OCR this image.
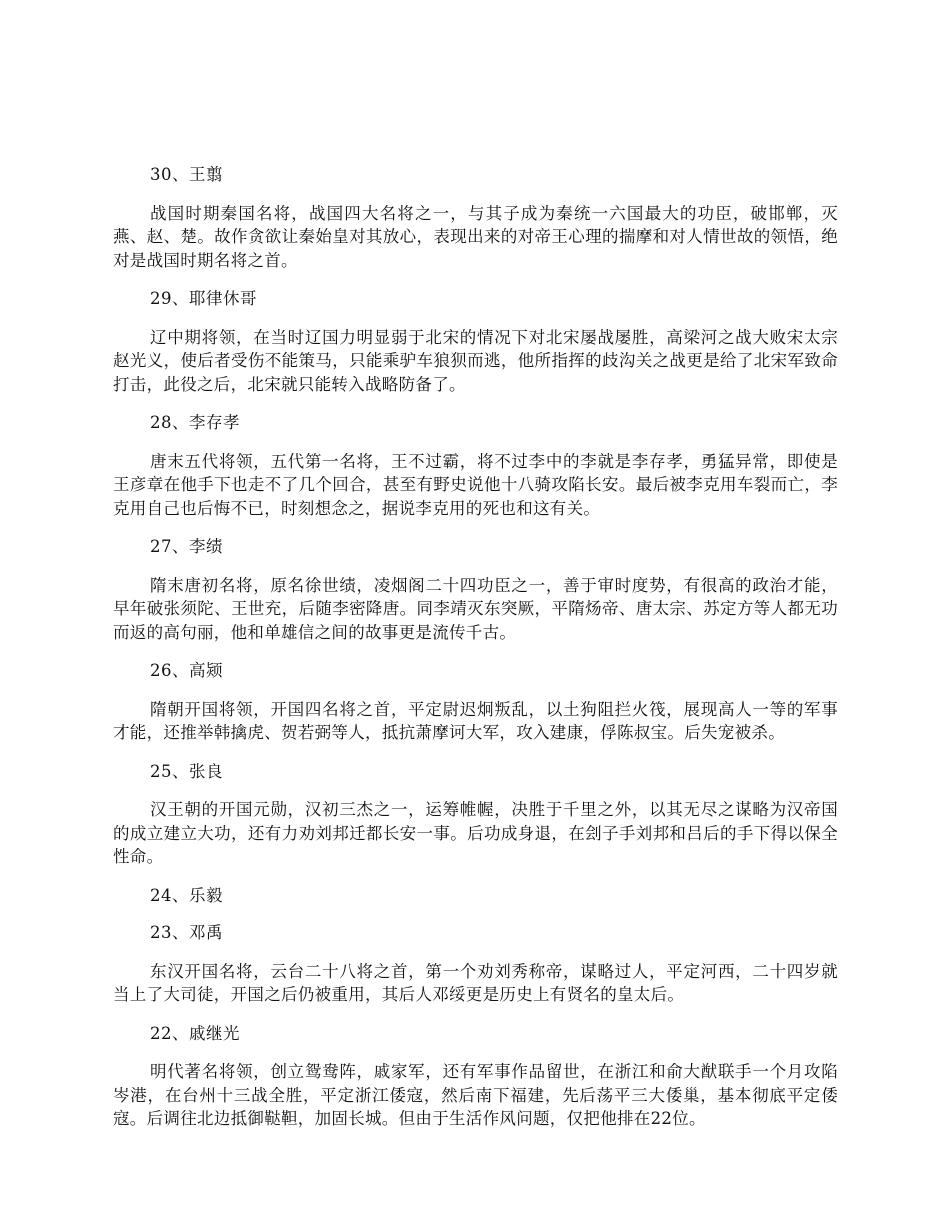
30、王翦

战国时期秦国名将，战国四大名将之一，与其子成为秦统一六国最大的功臣，破邯郸，灭燕、赵、楚。故作贪欲让秦始皇对其放心，表现出来的对帝王心理的揣摩和对人情世故的领悟，绝对是战国时期名将之首。

29、耶律休哥

辽中期将领，在当时辽国力明显弱于北宋的情况下对北宋屡战屡胜，高梁河之战大败宋太宗赵光义，使后者受伤不能策马，只能乘驴车狼狈而逃，他所指挥的歧沟关之战更是给了北宋军致命打击，此役之后，北宋就只能转入战略防备了。

28、李存孝

唐末五代将领，五代第一名将，王不过霸，将不过李中的李就是李存孝，勇猛异常，即使是王彦章在他手下也走不了几个回合，甚至有野史说他十八骑攻陷长安。最后被李克用车裂而亡，李克用自己也后悔不已，时刻想念之，据说李克用的死也和这有关。

27、李绩

隋末唐初名将，原名徐世绩，凌烟阁二十四功臣之一，善于审时度势，有很高的政治才能，早年破张须陀、王世充，后随李密降唐。同李靖灭东突厥，平隋炀帝、唐太宗、苏定方等人都无功而返的高句丽，他和单雄信之间的故事更是流传千古。

26、高颎

隋朝开国将领，开国四名将之首，平定尉迟炯叛乱，以土狗阻拦火筏，展现高人一等的军事才能，还推举韩擒虎、贺若弼等人，抵抗萧摩诃大军，攻入建康，俘陈叔宝。后失宠被杀。

25、张良

汉王朝的开国元勋，汉初三杰之一，运筹帷幄，决胜于千里之外，以其无尽之谋略为汉帝国的成立建立大功，还有力劝刘邦迁都长安一事。后功成身退，在刽子手刘邦和吕后的手下得以保全性命。

24、乐毅
23、邓禹

东汉开国名将，云台二十八将之首，第一个劝刘秀称帝，谋略过人，平定河西，二十四岁就当上了大司徒，开国之后仍被重用，其后人邓绥更是历史上有贤名的皇太后。

22、戚继光

明代著名将领，创立鸳鸯阵，戚家军，还有军事作品留世，在浙江和俞大猷联手一个月攻陷岑港，在台州十三战全胜，平定浙江倭寇，然后南下福建，先后荡平三大倭巢，基本彻底平定倭寇。后调往北边抵御鞑靼，加固长城。但由于生活作风问题，仅把他排在22位。
